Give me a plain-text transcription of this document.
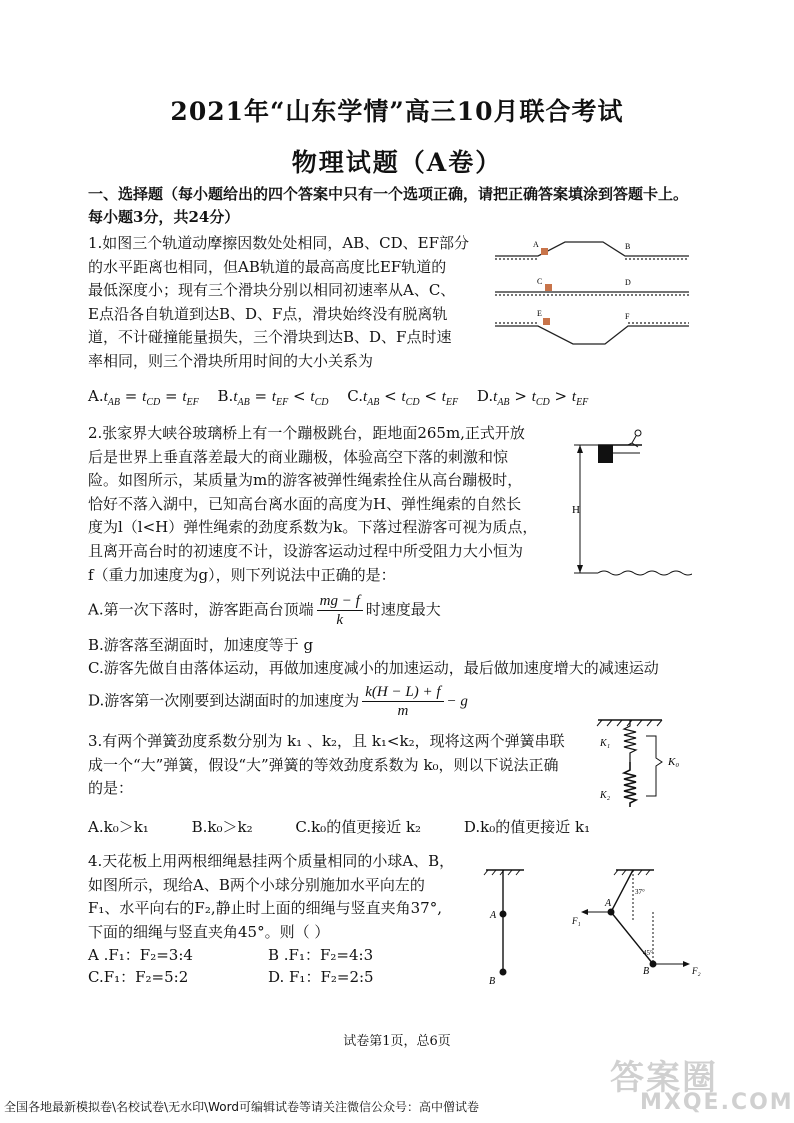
2021年“山东学情”高三10月联合考试
物理试题（A卷）
一、选择题（每小题给出的四个答案中只有一个选项正确，请把正确答案填涂到答题卡上。
每小题3分，共24分）
1.如图三个轨道动摩擦因数处处相同，AB、CD、EF部分
的水平距离也相同，但AB轨道的最高高度比EF轨道的
最低深度小；现有三个滑块分别以相同初速率从A、C、
E点沿各自轨道到达B、D、F点，滑块始终没有脱离轨
道，不计碰撞能量损失，三个滑块到达B、D、F点时速
率相同，则三个滑块所用时间的大小关系为
A	B
C	D
E	F
$A.t_{AB} = t_{CD} = t_{EF}$ $B.t_{AB} = t_{EF} < t_{CD}$ $C.t_{AB} < t_{CD} < t_{EF}$ $D.t_{AB} > t_{CD} > t_{EF}$
2.张家界大峡谷玻璃桥上有一个蹦极跳台，距地面265m,正式开放
后是世界上垂直落差最大的商业蹦极，体验高空下落的刺激和惊
险。如图所示，某质量为m的游客被弹性绳索拴住从高台蹦极时，
恰好不落入湖中，已知高台离水面的高度为H、弹性绳索的自然长
度为l（l<H）弹性绳索的劲度系数为k。下落过程游客可视为质点，
且离开高台时的初速度不计，设游客运动过程中所受阻力大小恒为
f（重力加速度为g），则下列说法中正确的是：
H
A.第一次下落时，游客距高台顶端 $\frac{mg - f}{k}$ 时速度最大
B.游客落至湖面时，加速度等于 g
C.游客先做自由落体运动，再做加速度减小的加速运动，最后做加速度增大的减速运动
D.游客第一次刚要到达湖面时的加速度为 $\frac{k(H - L) + f}{m} - g$
3.有两个弹簧劲度系数分别为 k₁ 、k₂，且 k₁<k₂，现将这两个弹簧串联
成一个“大”弹簧，假设“大”弹簧的等效劲度系数为 k₀，则以下说法正确
的是：
K₁
K₂
K₀
A.k₀＞k₁	B.k₀＞k₂	C.k₀的值更接近 k₂	D.k₀的值更接近 k₁
4.天花板上用两根细绳悬挂两个质量相同的小球A、B，
如图所示，现给A、B两个小球分别施加水平向左的
F₁、水平向右的F₂,静止时上面的细绳与竖直夹角37°,
下面的细绳与竖直夹角45°。则（ ）
A .F₁：F₂=3:4	B .F₁：F₂=4:3
C.F₁：F₂=5:2	D. F₁：F₂=2:5
A
B
A
B
37°
45°
F₁
F₂
试卷第1页，总6页
答案圈
MXQE.COM
全国各地最新模拟卷\名校试卷\无水印\Word可编辑试卷等请关注微信公众号：高中僧试卷
